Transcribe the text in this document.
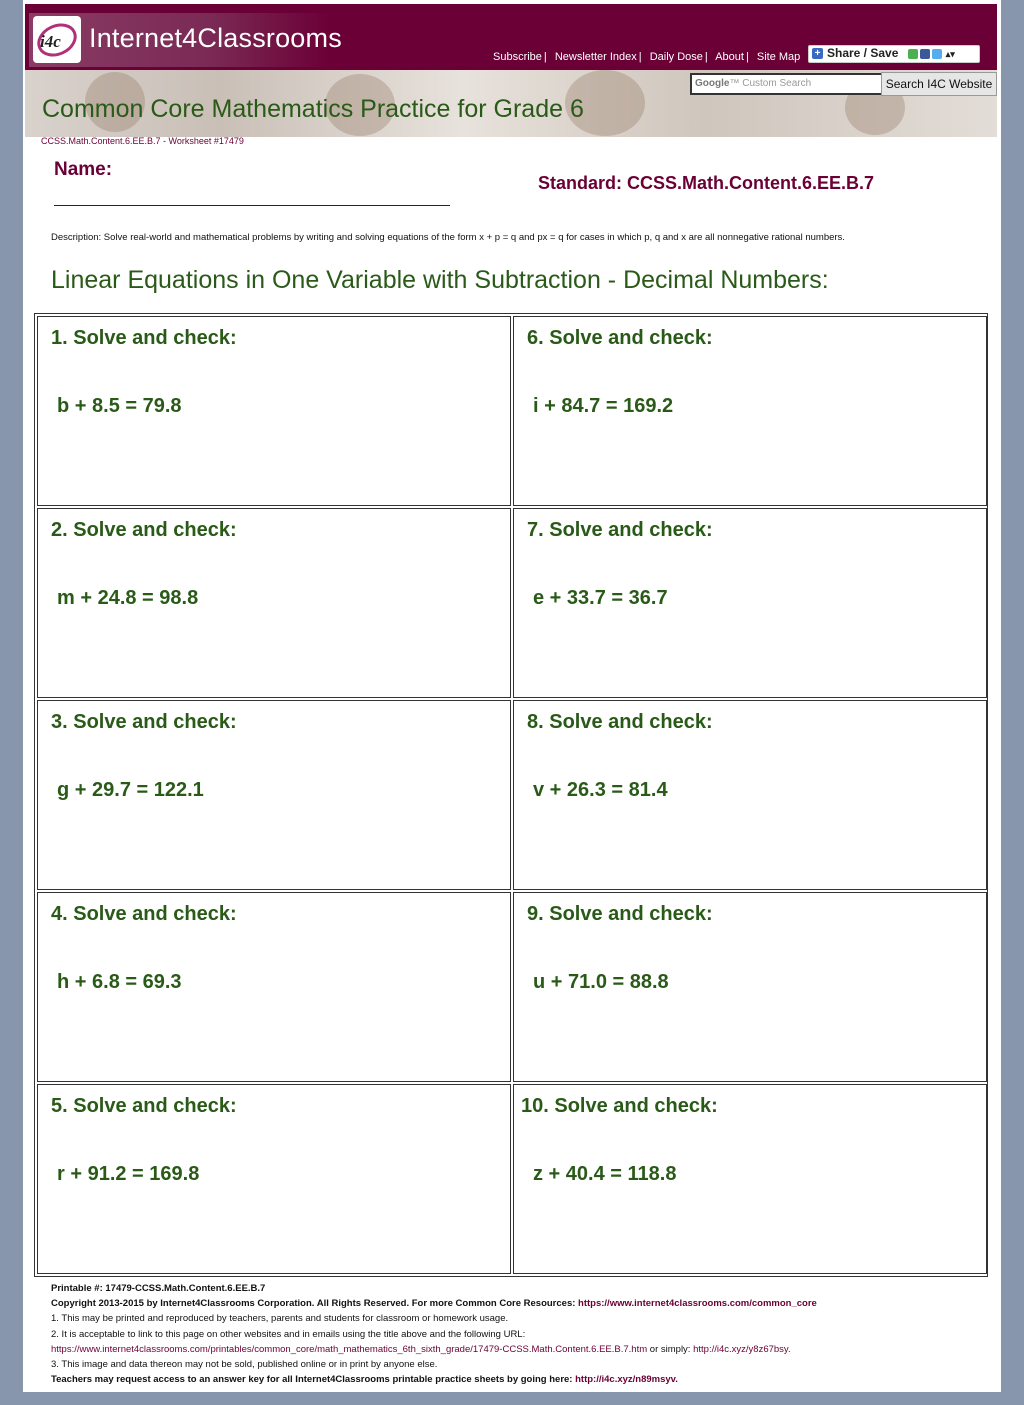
i4c Internet4Classrooms
Subscribe | Newsletter Index | Daily Dose | About | Site Map	+ Share / Save	▴▾
Google™ Custom Search	Search I4C Website
Common Core Mathematics Practice for Grade 6
CCSS.Math.Content.6.EE.B.7 - Worksheet #17479
Name:
Standard: CCSS.Math.Content.6.EE.B.7
Description: Solve real-world and mathematical problems by writing and solving equations of the form x + p = q and px = q for cases in which p, q and x are all nonnegative rational numbers.
Linear Equations in One Variable with Subtraction - Decimal Numbers:
1. Solve and check:
b + 8.5 = 79.8
2. Solve and check:
m + 24.8 = 98.8
3. Solve and check:
g + 29.7 = 122.1
4. Solve and check:
h + 6.8 = 69.3
5. Solve and check:
r + 91.2 = 169.8
6. Solve and check:
i + 84.7 = 169.2
7. Solve and check:
e + 33.7 = 36.7
8. Solve and check:
v + 26.3 = 81.4
9. Solve and check:
u + 71.0 = 88.8
10. Solve and check:
z + 40.4 = 118.8
Printable #: 17479-CCSS.Math.Content.6.EE.B.7
Copyright 2013-2015 by Internet4Classrooms Corporation. All Rights Reserved. For more Common Core Resources: https://www.internet4classrooms.com/common_core
1. This may be printed and reproduced by teachers, parents and students for classroom or homework usage.
2. It is acceptable to link to this page on other websites and in emails using the title above and the following URL:
https://www.internet4classrooms.com/printables/common_core/math_mathematics_6th_sixth_grade/17479-CCSS.Math.Content.6.EE.B.7.htm or simply: http://i4c.xyz/y8z67bsy.
3. This image and data thereon may not be sold, published online or in print by anyone else.
Teachers may request access to an answer key for all Internet4Classrooms printable practice sheets by going here: http://i4c.xyz/n89msyv.
